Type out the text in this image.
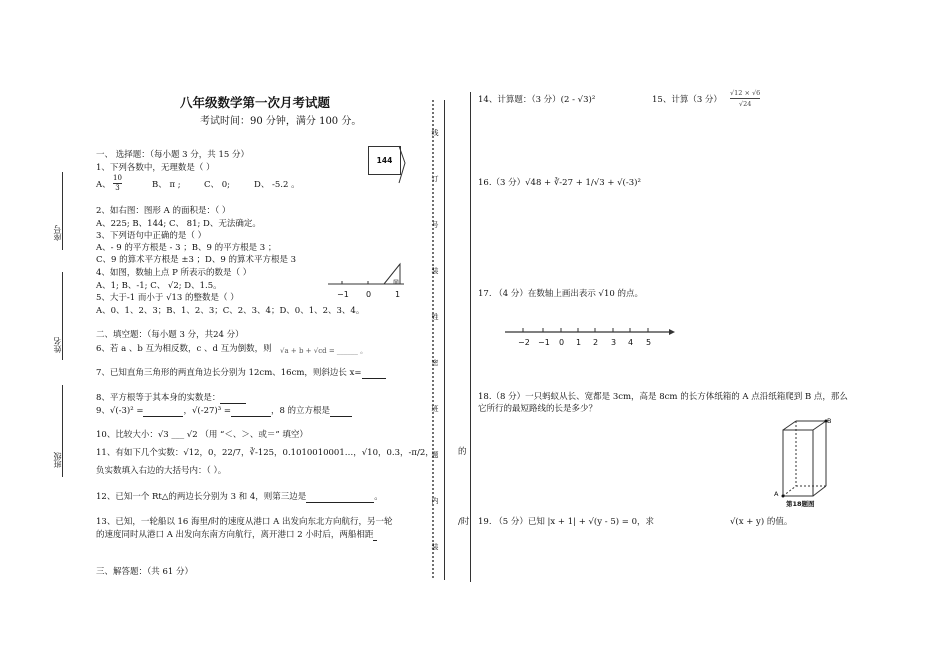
座号
姓名
班级
八年级数学第一次月考试题
考试时间：90 分钟，满分 100 分。
一、 选择题：（每小题 3 分，共 15 分）
1、下列各数中，无理数是（ ）
A、
10
3	B、 π ;	C、 0;	D、 -5.2 。
2、如右图：图形 A 的面积是：（ ）
A、225; B、144; C、 81; D、无法确定。
3、下列语句中正确的是（ ）
A、- 9 的平方根是 - 3 ；B、9 的平方根是 3 ；
C、9 的算术平方根是 ±3 ；D、9 的算术平方根是 3
4、如图，数轴上点 P 所表示的数是（ ）
A、1; B、-1; C、 √2; D、1.5。
5、大于-1 而小于 √13 的整数是（ ）
A、0、1、2、3；B、1、2、3；C、2、3、4；D、0、1、2、3、4。
144
−1 0	1
二、填空题：（每小题 3 分，共24 分）
6、若 a 、b 互为相反数，c 、d 互为倒数，则 √a + b + √cd = ______ 。
7、已知直角三角形的两直角边长分别为 12cm、16cm，则斜边长 x=
8、平方根等于其本身的实数是：
9、√(-3)² =	，√(-27)³ =	，8 的立方根是
10、比较大小：√3 ___ √2 （用 “＜、＞、或＝” 填空）
11、有如下几个实数：√12，0，22/7，∛-125，0.1010010001…，√10，0.3，-π/2，
负实数填入右边的大括号内：（ ）。
12、已知一个 Rt△的两边长分别为 3 和 4，则第三边是	。
13、已知，一轮船以 16 海里/时的速度从港口 A 出发向东北方向航行，另一轮
的速度同时从港口 A 出发向东南方向航行，离开港口 2 小时后，两船相距
三、解答题：（共 61 分）
线
订
号
装
姓
密
班
题
内
装
14、计算题：（3 分）(2 - √3)²	15、计算（3 分）
√12 × √6
√24
16.（3 分）√48 + ∛-27 + 1/√3 + √(-3)²
17. （4 分）在数轴上画出表示 √10 的点。
−2 −1 0 1 2 3 4 5
18.（8 分）一只蚂蚁从长、宽都是 3cm，高是 8cm 的长方体纸箱的 A 点沿纸箱爬到 B 点，那么
它所行的最短路线的长是多少？
A
B
第18题图
的
/时 19. （5 分）已知 |x + 1| + √(y - 5) = 0，求	√(x + y) 的值。
